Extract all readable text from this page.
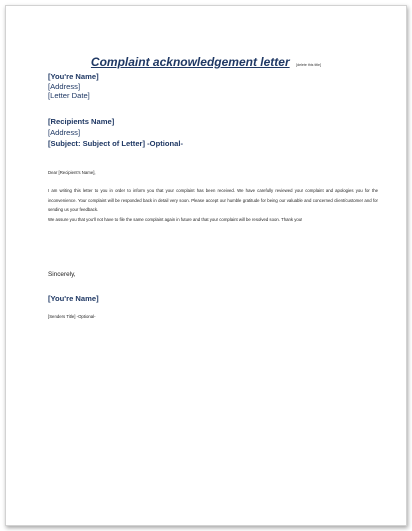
Complaint acknowledgement letter [delete this title]
[You're Name]
[Address]
[Letter Date]
[Recipients Name]
[Address]
[Subject: Subject of Letter] -Optional-
Dear [Recipient's Name],

I am writing this letter to you in order to inform you that your complaint has been received. We have carefully reviewed your complaint and apologies you for the inconvenience. Your complaint will be responded back in detail very soon. Please accept our humble gratitude for being our valuable and concerned client/customer and for sending us your feedback.

We assure you that you'll not have to file the same complaint again in future and that your complaint will be resolved soon. Thank you!

Sincerely,
[You're Name]
[Senders Title] -Optional-
